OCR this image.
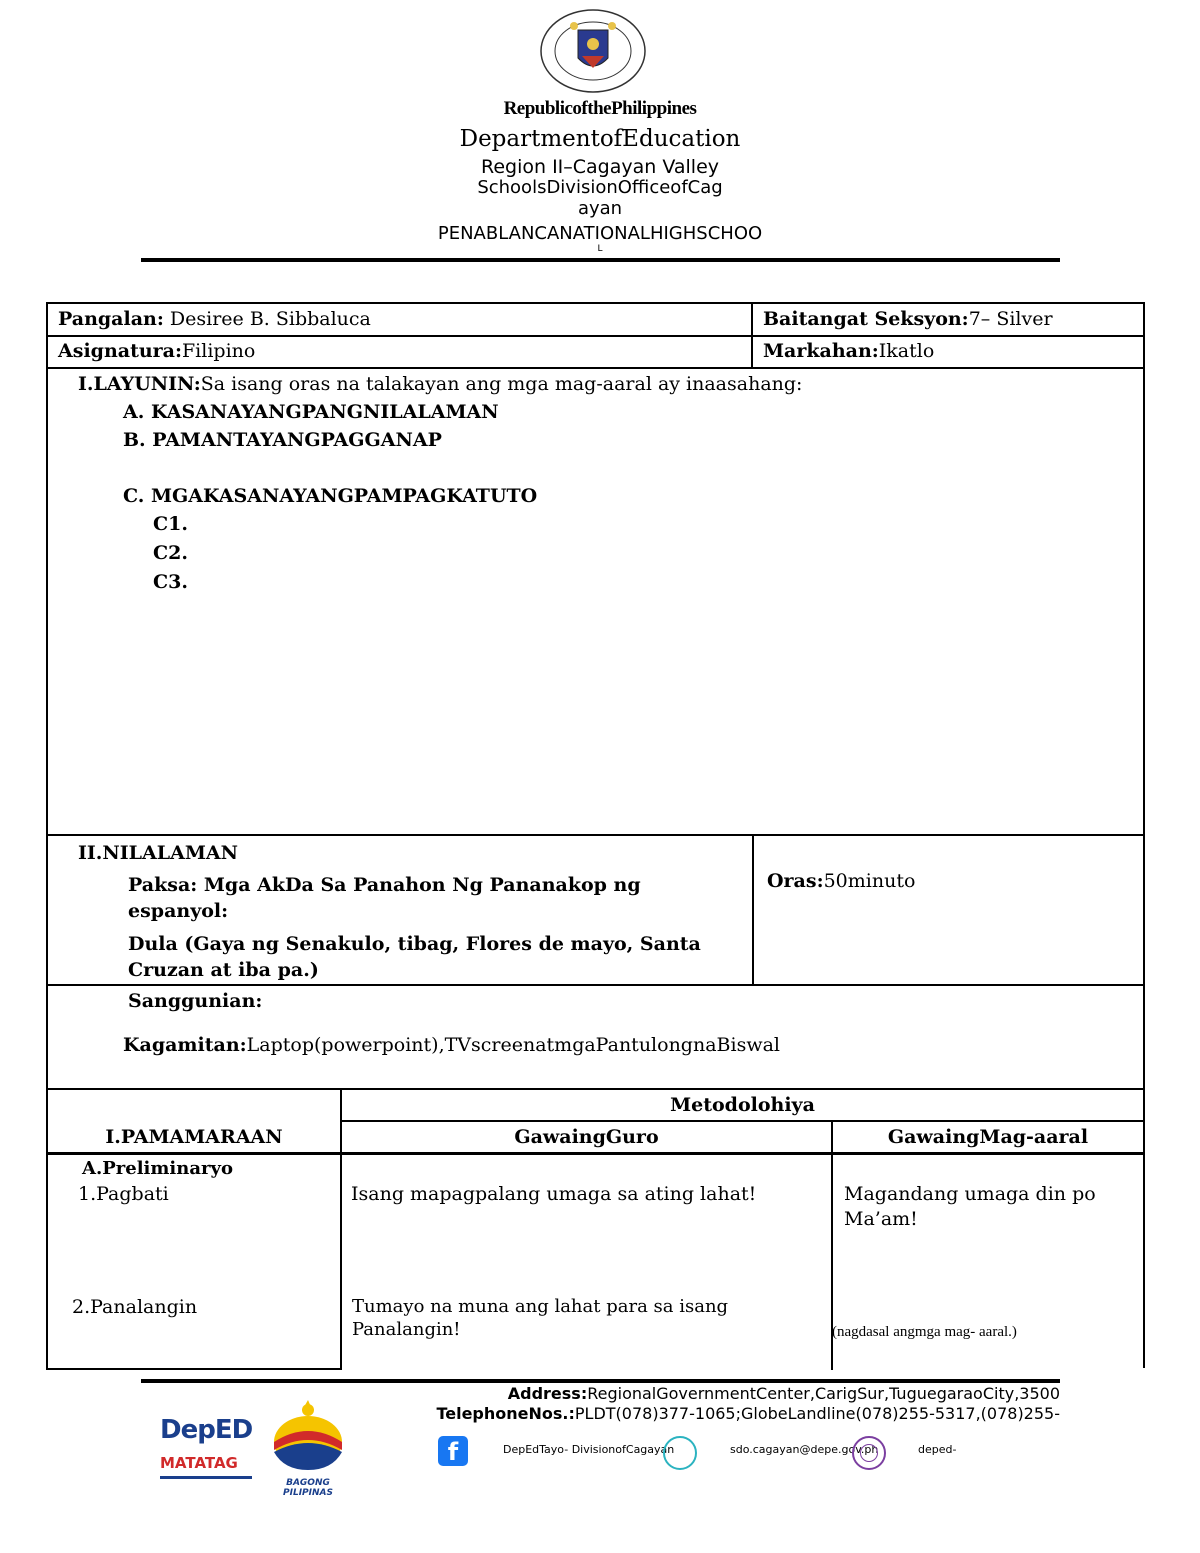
RepublicofthePhilippines
DepartmentofEducation
Region II–Cagayan Valley
SchoolsDivisionOfficeofCag
ayan
PENABLANCANATIONALHIGHSCHOO
L
Pangalan: Desiree B. Sibbaluca	Baitangat Seksyon:7– Silver
Asignatura:Filipino	Markahan:Ikatlo
I.LAYUNIN:Sa isang oras na talakayan ang mga mag-aaral ay inaasahang:
A. KASANAYANGPANGNILALAMAN
B. PAMANTAYANGPAGGANAP
C. MGAKASANAYANGPAMPAGKATUTO
C1.
C2.
C3.
II.NILALAMAN
Paksa: Mga AkDa Sa Panahon Ng Pananakop ng
espanyol:
Dula (Gaya ng Senakulo, tibag, Flores de mayo, Santa
Cruzan at iba pa.)
Oras:50minuto
Sanggunian:
Kagamitan:Laptop(powerpoint),TVscreenatmgaPantulongnaBiswal
Metodolohiya
I.PAMAMARAAN	GawaingGuro	GawaingMag-aaral
A.Preliminaryo
1.Pagbati	Isang mapagpalang umaga sa ating lahat!	Magandang umaga din po
Ma’am!
2.Panalangin	Tumayo na muna ang lahat para sa isang
Panalangin!	(nagdasal angmga mag- aaral.)
Address:RegionalGovernmentCenter,CarigSur,TuguegaraoCity,3500
TelephoneNos.:PLDT(078)377-1065;GlobeLandline(078)255-5317,(078)255-
DepED
MATATAG
BAGONG PILIPINAS
f	DepEdTayo- DivisionofCagayan	sdo.cagayan@depe.gov.ph	deped-
